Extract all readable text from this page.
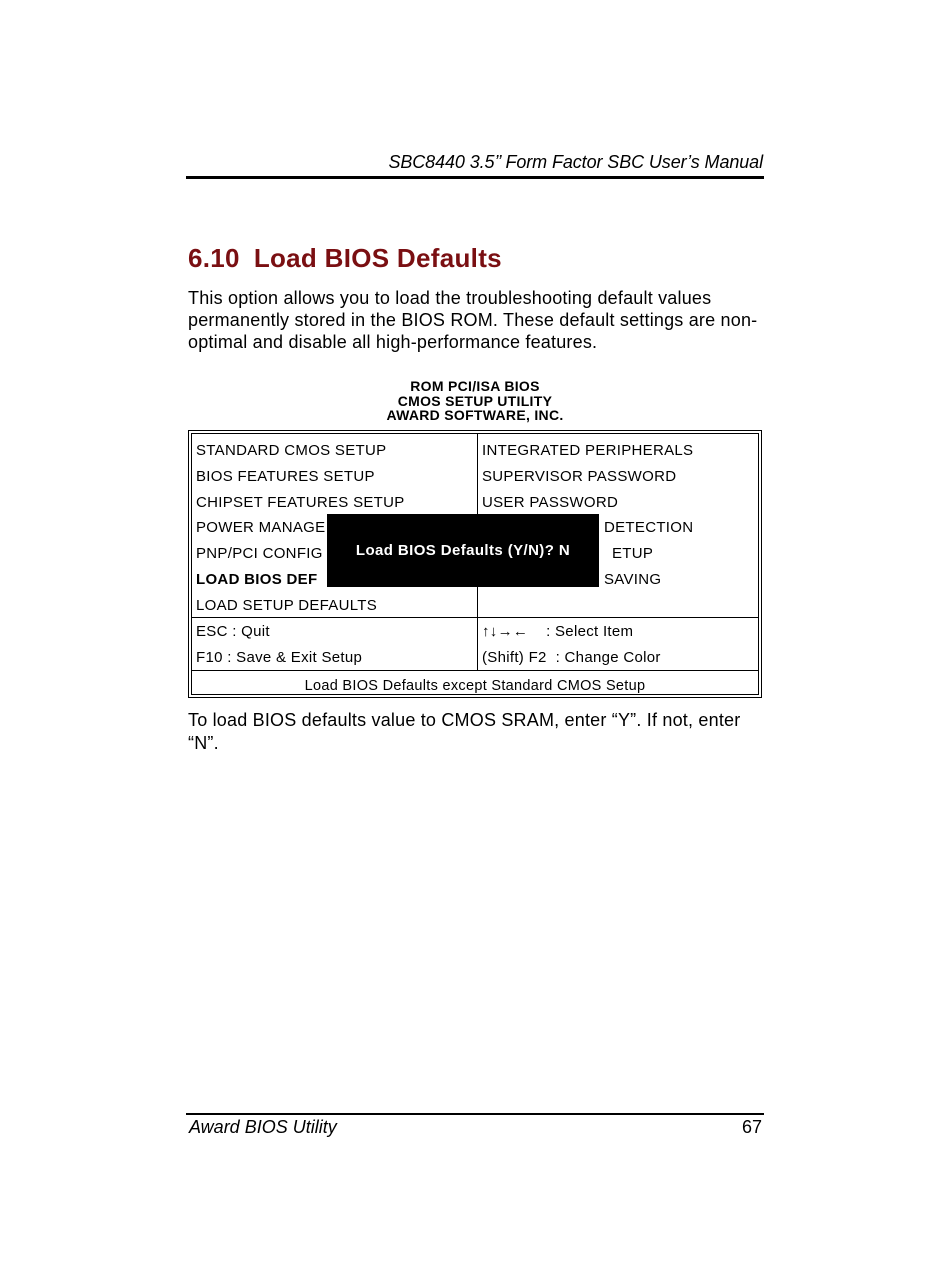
SBC8440 3.5’’ Form Factor SBC User’s Manual
6.10 Load BIOS Defaults
This option allows you to load the troubleshooting default values permanently stored in the BIOS ROM. These default settings are non-optimal and disable all high-performance features.
ROM PCI/ISA BIOS
CMOS SETUP UTILITY
AWARD SOFTWARE, INC.
STANDARD CMOS SETUP
BIOS FEATURES SETUP
CHIPSET FEATURES SETUP
POWER MANAGE
PNP/PCI CONFIG
LOAD BIOS DEF
LOAD SETUP DEFAULTS
INTEGRATED PERIPHERALS
SUPERVISOR PASSWORD
USER PASSWORD
DETECTION
ETUP
SAVING
ESC : Quit
F10 : Save & Exit Setup
↑↓→←    : Select Item
(Shift) F2  : Change Color
Load BIOS Defaults except Standard CMOS Setup
Load BIOS Defaults (Y/N)? N
To load BIOS defaults value to CMOS SRAM, enter “Y”. If not, enter “N”.
Award BIOS Utility	67
